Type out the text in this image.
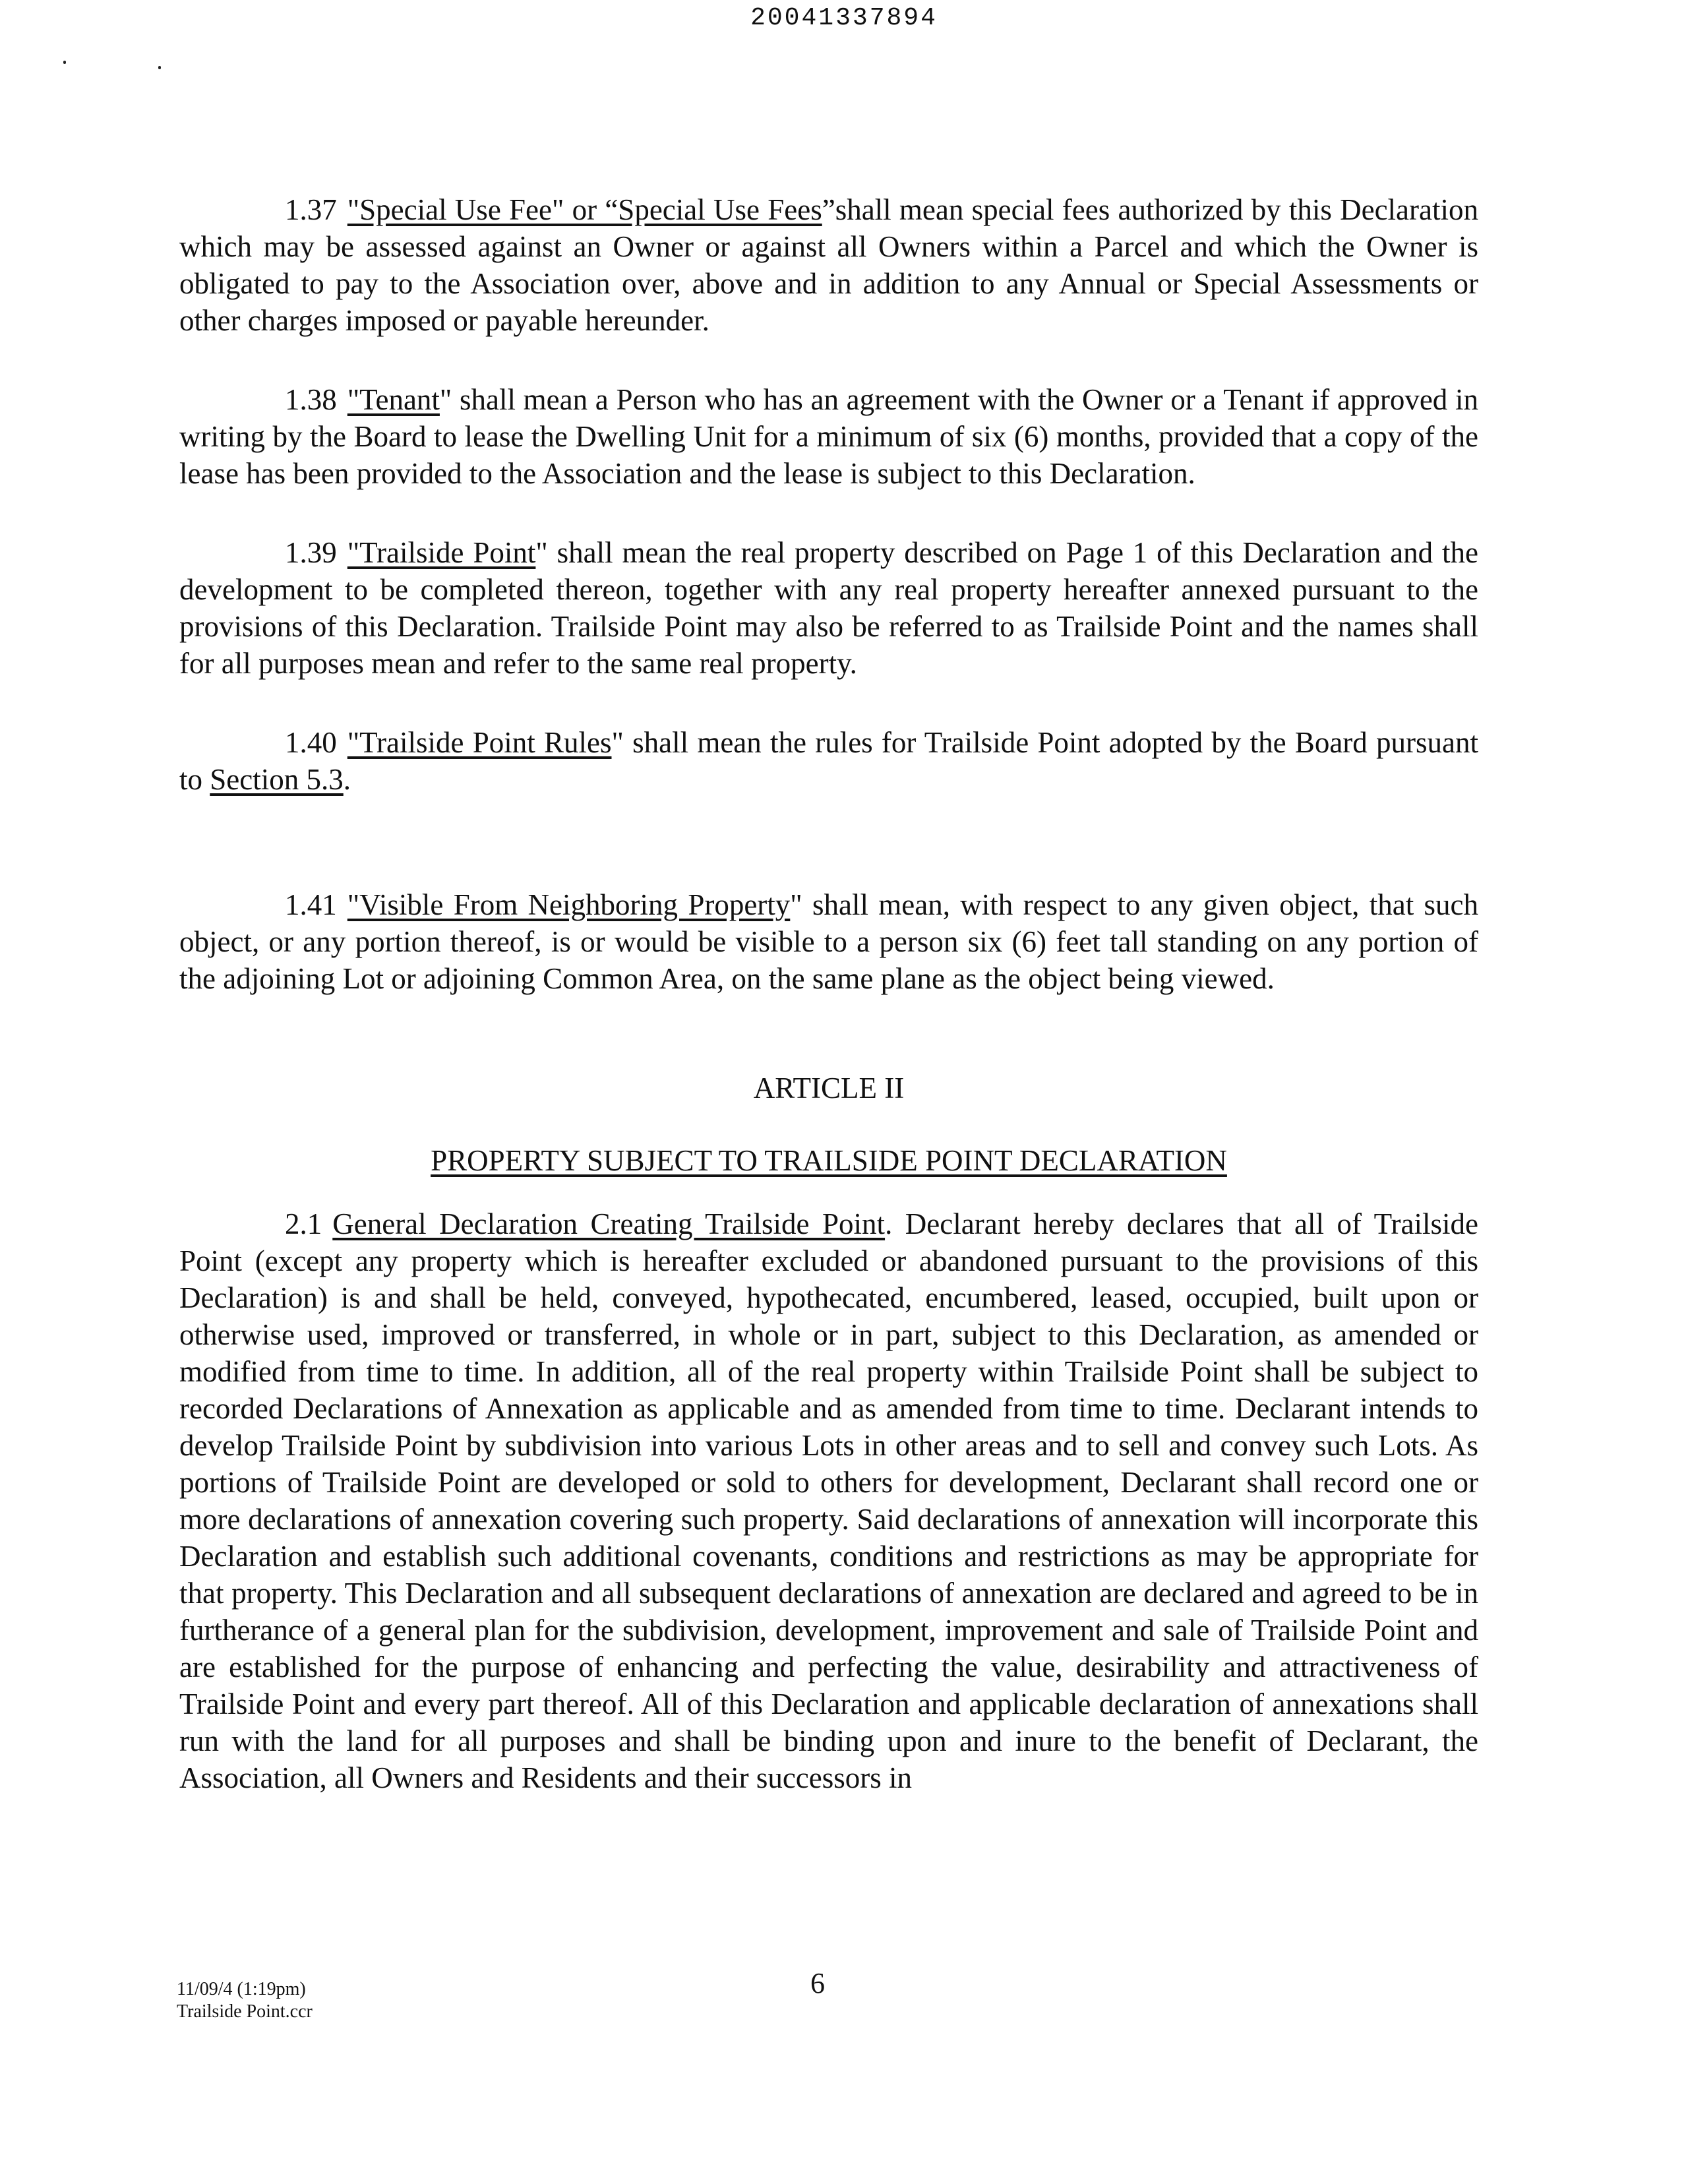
20041337894

1.37 "Special Use Fee" or “Special Use Fees”shall mean special fees authorized by this Declaration which may be assessed against an Owner or against all Owners within a Parcel and which the Owner is obligated to pay to the Association over, above and in addition to any Annual or Special Assessments or other charges imposed or payable hereunder.

1.38 "Tenant" shall mean a Person who has an agreement with the Owner or a Tenant if approved in writing by the Board to lease the Dwelling Unit for a minimum of six (6) months, provided that a copy of the lease has been provided to the Association and the lease is subject to this Declaration.

1.39 "Trailside Point" shall mean the real property described on Page 1 of this Declaration and the development to be completed thereon, together with any real property hereafter annexed pursuant to the provisions of this Declaration. Trailside Point may also be referred to as Trailside Point and the names shall for all purposes mean and refer to the same real property.

1.40 "Trailside Point Rules" shall mean the rules for Trailside Point adopted by the Board pursuant to Section 5.3.

1.41 "Visible From Neighboring Property" shall mean, with respect to any given object, that such object, or any portion thereof, is or would be visible to a person six (6) feet tall standing on any portion of the adjoining Lot or adjoining Common Area, on the same plane as the object being viewed.

ARTICLE II

PROPERTY SUBJECT TO TRAILSIDE POINT DECLARATION

2.1 General Declaration Creating Trailside Point. Declarant hereby declares that all of Trailside Point (except any property which is hereafter excluded or abandoned pursuant to the provisions of this Declaration) is and shall be held, conveyed, hypothecated, encumbered, leased, occupied, built upon or otherwise used, improved or transferred, in whole or in part, subject to this Declaration, as amended or modified from time to time. In addition, all of the real property within Trailside Point shall be subject to recorded Declarations of Annexation as applicable and as amended from time to time. Declarant intends to develop Trailside Point by subdivision into various Lots in other areas and to sell and convey such Lots. As portions of Trailside Point are developed or sold to others for development, Declarant shall record one or more declarations of annexation covering such property. Said declarations of annexation will incorporate this Declaration and establish such additional covenants, conditions and restrictions as may be appropriate for that property. This Declaration and all subsequent declarations of annexation are declared and agreed to be in furtherance of a general plan for the subdivision, development, improvement and sale of Trailside Point and are established for the purpose of enhancing and perfecting the value, desirability and attractiveness of Trailside Point and every part thereof. All of this Declaration and applicable declaration of annexations shall run with the land for all purposes and shall be binding upon and inure to the benefit of Declarant, the Association, all Owners and Residents and their successors in

11/09/4 (1:19pm)
Trailside Point.ccr
6
